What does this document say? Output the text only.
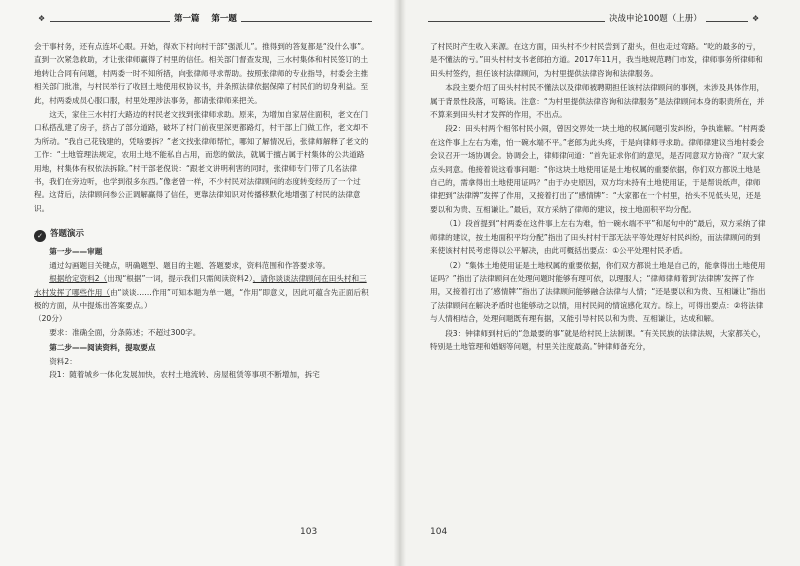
❖	第一篇 第一题

会干事村务，还有点连坏心眼。开始，得欢下村向村干部“强派儿”。推得到的答复都是“没什么事”。直到一次紧急救助，才让张律师赢得了村里的信任。相关部门督查发现，三水村集体和村民签订的土地转让合同有问题，村两委一时不知所措，向张律师寻求帮助。按照张律师的专业指导，村委会主推相关部门批准，与村民举行了收回土地使用权协议书，并条照法律依据保障了村民们的切身利益。至此，村两委成员心服口服，村里处理涉法事务，都请张律师来把关。

这天，家住三水村打大路边的村民老文找到张律师求助。原来，为增加自家居住面积，老文在门口私搭乱建了房子，挤占了部分道路，破坏了村门前夜里深更都路灯，村干部上门做工作，老文却不为所动。“我自己花钱建的，凭啥要拆？”老文找张律师帮忙，哪知了解情况后，张律师解释了老文的工作：“土地管理法规定，农用土地不能私自占用，而您的做法，就属于擅占属于村集体的公共道路用地，村集体有权依法拆除。”村干部老倪说：“跟老文讲明利害的同时，张律师专门带了几名法律书，我们在旁边听，也学到很多东西。”像老曾一样，不少村民对法律顾问的态度转变经历了一个过程。这背后，法律顾问参公正调解赢得了信任，更靠法律知识对传播移默化地增强了村民的法律意识。

✓ 答题演示

第一步——审题

通过勾画题目关键点，明确题型、题目的主题、答题要求，资料范围和作答要求等。

根据给定资料2（出现“根据”一词，提示我们只需阅读资料2），请你谈谈法律顾问在田头村和三水村发挥了哪些作用（由“谈谈……作用”可知本题为单一题，“作用”即意义，因此可蕴含先正面后积极的方面，从中提炼出答案要点。）

（20分）

要求：准确全面，分条陈述；不超过300字。

第二步——阅读资料，提取要点

资料2：

段1：随着城乡一体化发展加快，农村土地流转、房屋租赁等事项不断增加，拆宅

103
决战申论100题（上册）	❖

了村民时产生收入来源。在这方面，田头村不少村民尝到了甜头，但也走过弯路。“吃的最多的亏，是不懂法的亏。”田头村村支书老郎拍方道。2017年11月，我当地规范聘门市发，律师事务所律师和田头村签约，担任该村法律顾问，为村里提供法律咨询和法律服务。

本段主要介绍了田头村村民不懂法以及律师被聘期担任该村法律顾问的事例，未涉及具体作用，属于背景性段落，可略读。注意：“为村里提供法律咨询和法律服务”是法律顾问本身的职责所在，并不算来到田头村才发挥的作用，不出点。

段2：田头村两个相邻村民小闹，曾因交界处一块土地的权属问题引发纠纷，争执谁解。“村两委在这件事上左右为难，怕一碗水端不平。”老郎为此头疼，于是向律师寻求助。律师律建议当地村委会会议召开一场协调会。协调会上，律师律问道：“首先证求你们的意见，是否同意双方协商？”双大家点头同意。他接着说这看事问题：“你这块土地使用证是土地权属的重要依据，你们双方都说土地是自己的，需拿得出土地使用证吗？”由于办史原因，双方均未持有土地使用证，于是帮说纸声，律师律把到“法律牌”发挥了作用，又接着打出了“感情牌”：“大家都在一个村里，抬头不见低头见，还是要以和为贵、互相谦让。”最后，双方采纳了律师的建议，按土地面积平均分配。

（1）段首提到“村两委在这件事上左右为难，怕一碗水端不平”和尾句中的“最后，双方采纳了律师律的建议，按土地面积平均分配”指出了田头村村干部无法平等处理好村民纠纷，而法律顾问的到来使该村村民考虑得以公平解决，由此可概括出要点：①公平处理村民矛盾。

（2）“集体土地使用证是土地权属的重要依据，你们双方都说土地是自己的，能拿得出土地使用证吗？”指出了法律顾问在处理问题时能够有理可依，以理服人；“律师律师着到‘法律牌’发挥了作用，又接着打出了‘感情牌’”指出了法律顾问能够融合法律与人情；“还是要以和为贵、互相谦让”指出了法律顾问在解决矛盾时也能够动之以情，用村民间的情谊感化双方。综上，可得出要点：②将法律与人情相结合，处理问题既有理有据，又能引导村民以和为贵、互相谦让，达成和解。

段3：钟律师到村后的“急最要的事”就是给村民上法制课。“有关民族的法律法规，大家都关心，特别是土地管理和婚姻等问题，村里关注度最高。”钟律师备充分，

104
